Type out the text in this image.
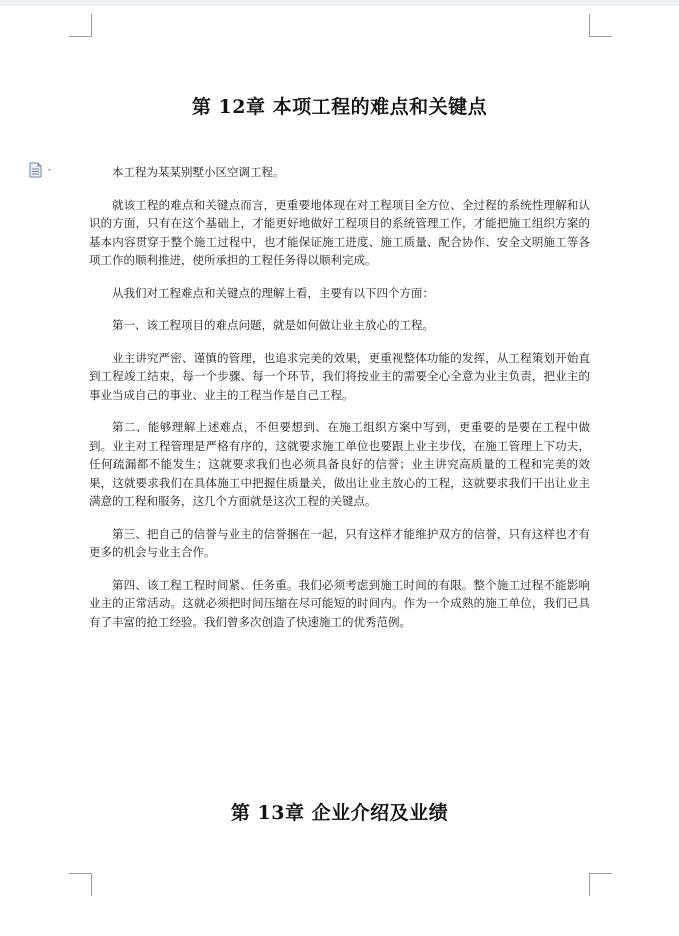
第 12章 本项工程的难点和关键点

本工程为某某别墅小区空调工程。

就该工程的难点和关键点而言，更重要地体现在对工程项目全方位、全过程的系统性理解和认识的方面，只有在这个基础上，才能更好地做好工程项目的系统管理工作，才能把施工组织方案的基本内容贯穿于整个施工过程中，也才能保证施工进度、施工质量、配合协作、安全文明施工等各项工作的顺利推进，使所承担的工程任务得以顺利完成。

从我们对工程难点和关键点的理解上看，主要有以下四个方面：

第一、该工程项目的难点问题，就是如何做让业主放心的工程。

业主讲究严密、谨慎的管理，也追求完美的效果，更重视整体功能的发挥，从工程策划开始直到工程竣工结束，每一个步骤、每一个环节，我们将按业主的需要全心全意为业主负责，把业主的事业当成自己的事业、业主的工程当作是自己工程。

第二、能够理解上述难点，不但要想到、在施工组织方案中写到，更重要的是要在工程中做到。业主对工程管理是严格有序的，这就要求施工单位也要跟上业主步伐，在施工管理上下功夫，任何疏漏都不能发生；这就要求我们也必须具备良好的信誉；业主讲究高质量的工程和完美的效果，这就要求我们在具体施工中把握住质量关，做出让业主放心的工程，这就要求我们干出让业主满意的工程和服务，这几个方面就是这次工程的关键点。

第三、把自己的信誉与业主的信誉捆在一起，只有这样才能维护双方的信誉，只有这样也才有更多的机会与业主合作。

第四、该工程工程时间紧、任务重。我们必须考虑到施工时间的有限。整个施工过程不能影响业主的正常活动。这就必须把时间压缩在尽可能短的时间内。作为一个成熟的施工单位，我们已具有了丰富的抢工经验。我们曾多次创造了快速施工的优秀范例。

第 13章 企业介绍及业绩
